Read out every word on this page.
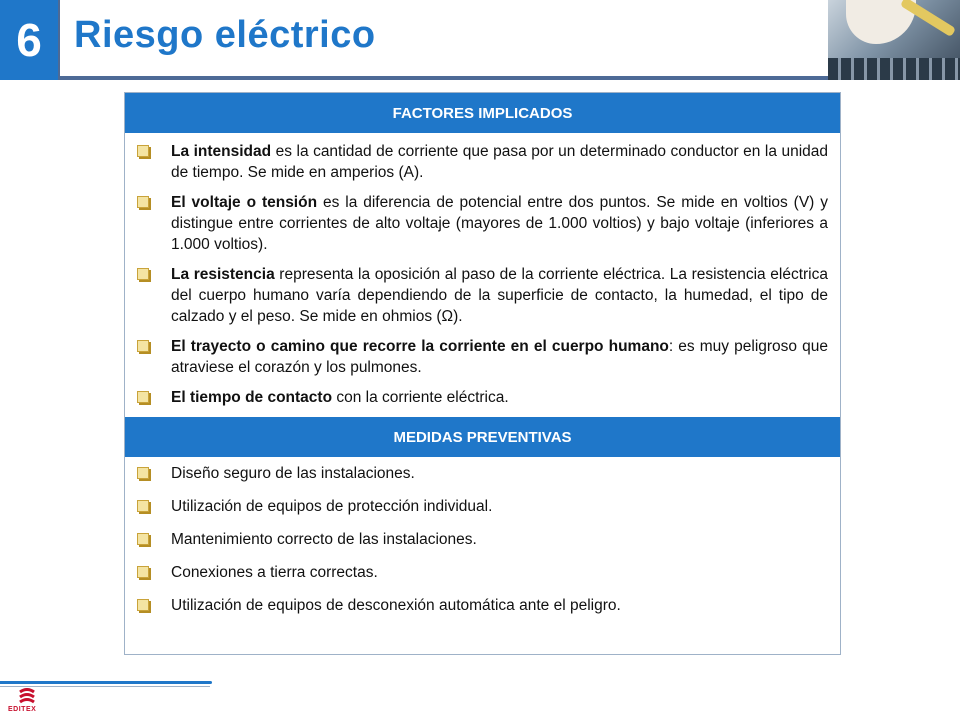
6 Riesgo eléctrico
FACTORES IMPLICADOS
La intensidad es la cantidad de corriente que pasa por un determinado conductor en la unidad de tiempo. Se mide en amperios (A).
El voltaje o tensión es la diferencia de potencial entre dos puntos. Se mide en voltios (V) y distingue entre corrientes de alto voltaje (mayores de 1.000 voltios) y bajo voltaje (inferiores a 1.000 voltios).
La resistencia representa la oposición al paso de la corriente eléctrica. La resistencia eléctrica del cuerpo humano varía dependiendo de la superficie de contacto, la humedad, el tipo de calzado y el peso. Se mide en ohmios (Ω).
El trayecto o camino que recorre la corriente en el cuerpo humano: es muy peligroso que atraviese el corazón y los pulmones.
El tiempo de contacto con la corriente eléctrica.
MEDIDAS PREVENTIVAS
Diseño seguro de las instalaciones.
Utilización de equipos de protección individual.
Mantenimiento correcto de las instalaciones.
Conexiones a tierra correctas.
Utilización de equipos de desconexión automática ante el peligro.
EDITEX
